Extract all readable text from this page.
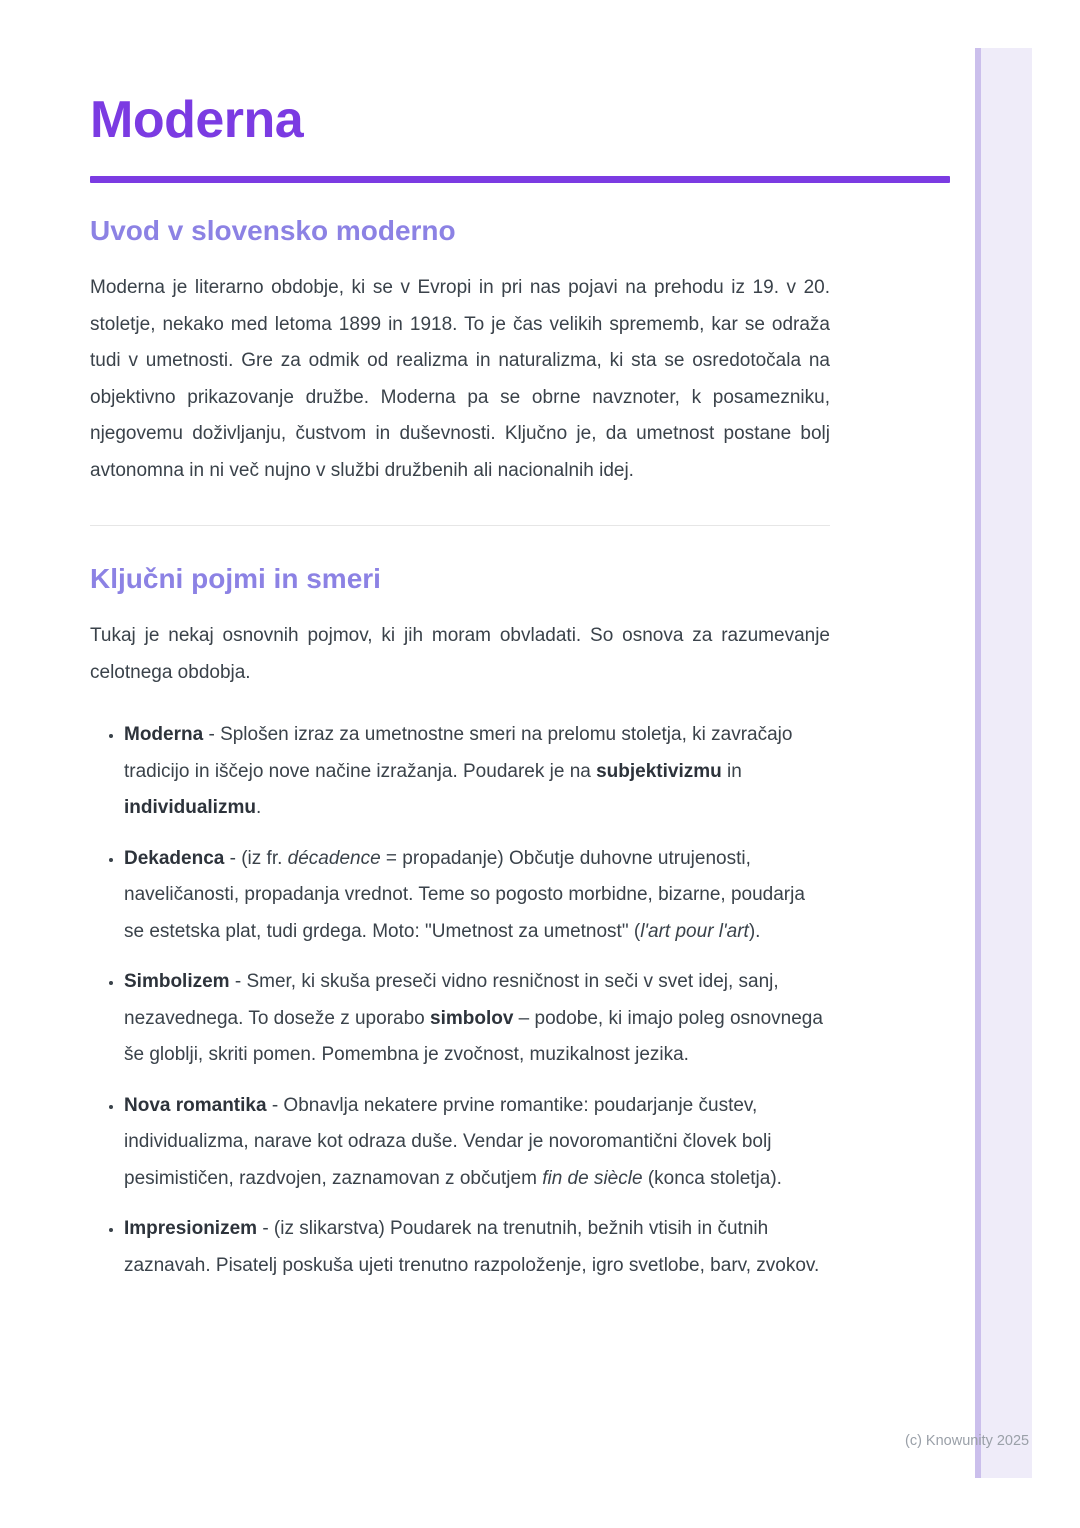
Moderna
Uvod v slovensko moderno

Moderna je literarno obdobje, ki se v Evropi in pri nas pojavi na prehodu iz 19. v 20. stoletje, nekako med letoma 1899 in 1918. To je čas velikih sprememb, kar se odraža tudi v umetnosti. Gre za odmik od realizma in naturalizma, ki sta se osredotočala na objektivno prikazovanje družbe. Moderna pa se obrne navznoter, k posamezniku, njegovemu doživljanju, čustvom in duševnosti. Ključno je, da umetnost postane bolj avtonomna in ni več nujno v službi družbenih ali nacionalnih idej.

Ključni pojmi in smeri

Tukaj je nekaj osnovnih pojmov, ki jih moram obvladati. So osnova za razumevanje celotnega obdobja.

• Moderna - Splošen izraz za umetnostne smeri na prelomu stoletja, ki zavračajo tradicijo in iščejo nove načine izražanja. Poudarek je na subjektivizmu in individualizmu.
• Dekadenca - (iz fr. décadence = propadanje) Občutje duhovne utrujenosti, naveličanosti, propadanja vrednot. Teme so pogosto morbidne, bizarne, poudarja se estetska plat, tudi grdega. Moto: "Umetnost za umetnost" (l'art pour l'art).
• Simbolizem - Smer, ki skuša preseči vidno resničnost in seči v svet idej, sanj, nezavednega. To doseže z uporabo simbolov – podobe, ki imajo poleg osnovnega še globlji, skriti pomen. Pomembna je zvočnost, muzikalnost jezika.
• Nova romantika - Obnavlja nekatere prvine romantike: poudarjanje čustev, individualizma, narave kot odraza duše. Vendar je novoromantični človek bolj pesimističen, razdvojen, zaznamovan z občutjem fin de siècle (konca stoletja).
• Impresionizem - (iz slikarstva) Poudarek na trenutnih, bežnih vtisih in čutnih zaznavah. Pisatelj poskuša ujeti trenutno razpoloženje, igro svetlobe, barv, zvokov.
(c) Knowunity 2025
